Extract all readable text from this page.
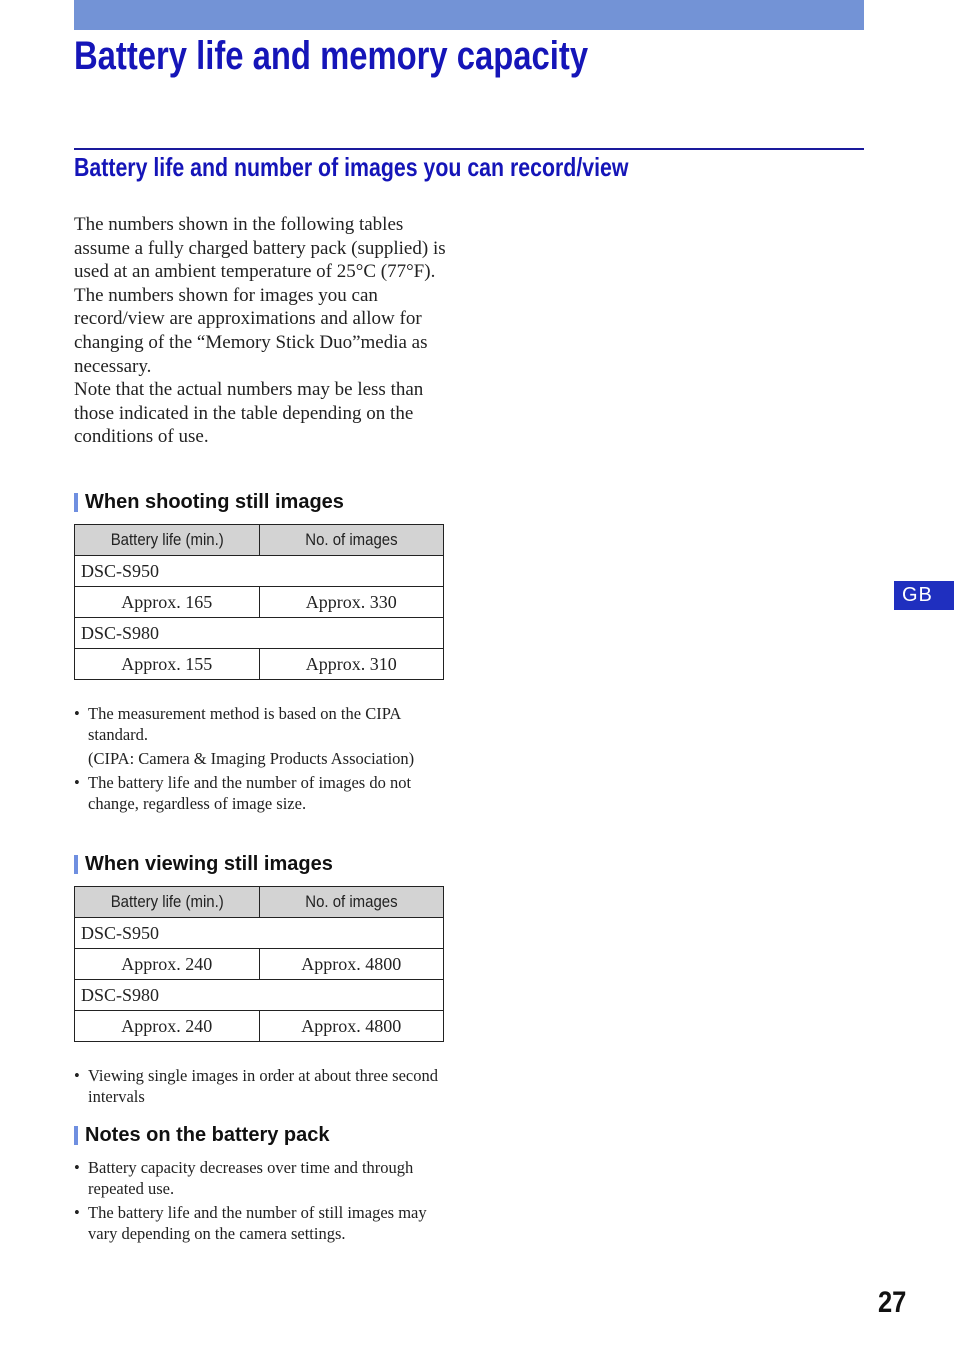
Battery life and memory capacity
Battery life and number of images you can record/view

The numbers shown in the following tables assume a fully charged battery pack (supplied) is used at an ambient temperature of 25°C (77°F). The numbers shown for images you can record/view are approximations and allow for changing of the “Memory Stick Duo”media as necessary.

Note that the actual numbers may be less than those indicated in the table depending on the conditions of use.

When shooting still images
Battery life (min.)	No. of images
DSC-S950	
Approx. 165	Approx. 330
DSC-S980	
Approx. 155	Approx. 310
• The measurement method is based on the CIPA standard.
(CIPA: Camera & Imaging Products Association)
• The battery life and the number of images do not change, regardless of image size.
When viewing still images
Battery life (min.)	No. of images
DSC-S950	
Approx. 240	Approx. 4800
DSC-S980	
Approx. 240	Approx. 4800
• Viewing single images in order at about three second intervals
Notes on the battery pack
• Battery capacity decreases over time and through repeated use.
• The battery life and the number of still images may vary depending on the camera settings.
GB
27
